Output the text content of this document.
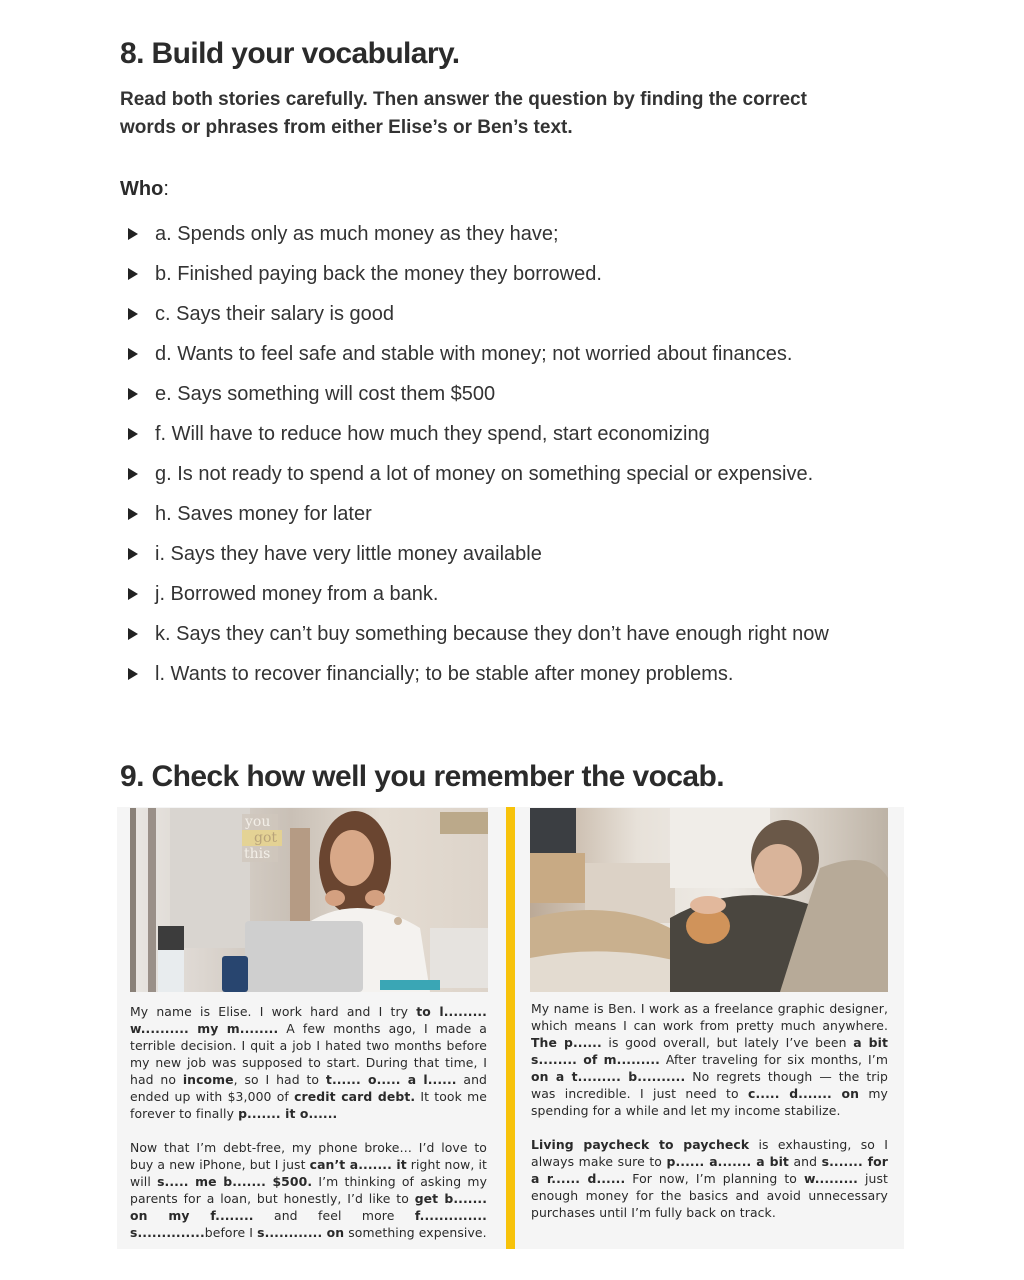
8. Build your vocabulary.
Read both stories carefully. Then answer the question by finding the correct words or phrases from either Elise’s or Ben’s text.
Who:
a. Spends only as much money as they have;
b. Finished paying back the money they borrowed.
c. Says their salary is good
d. Wants to feel safe and stable with money; not worried about finances.
e. Says something will cost them $500
f. Will have to reduce how much they spend, start economizing
g. Is not ready to spend a lot of money on something special or expensive.
h. Saves money for later
i. Says they have very little money available
j. Borrowed money from a bank.
k. Says they can’t buy something because they don’t have enough right now
l. Wants to recover financially; to be stable after money problems.
9. Check how well you remember the vocab.
you
got
this

My name is Elise. I work hard and I try to l......... w.......... my m........ A few months ago, I made a terrible decision. I quit a job I hated two months before my new job was supposed to start. During that time, I had no income, so I had to t...... o..... a l...... and ended up with $3,000 of credit card debt. It took me forever to finally p....... it o......

Now that I’m debt-free, my phone broke… I’d love to buy a new iPhone, but I just can’t a....... it right now, it will s..... me b....... $500. I’m thinking of asking my parents for a loan, but honestly, I’d like to get b....... on my f........ and feel more f.............. s..............before I s............ on something expensive.

My name is Ben. I work as a freelance graphic designer, which means I can work from pretty much anywhere. The p...... is good overall, but lately I’ve been a bit s........ of m......... After traveling for six months, I’m on a t......... b.......... No regrets though — the trip was incredible. I just need to c..... d....... on my spending for a while and let my income stabilize.

Living paycheck to paycheck is exhausting, so I always make sure to p...... a....... a bit and s....... for a r...... d...... For now, I’m planning to w......... just enough money for the basics and avoid unnecessary purchases until I’m fully back on track.
